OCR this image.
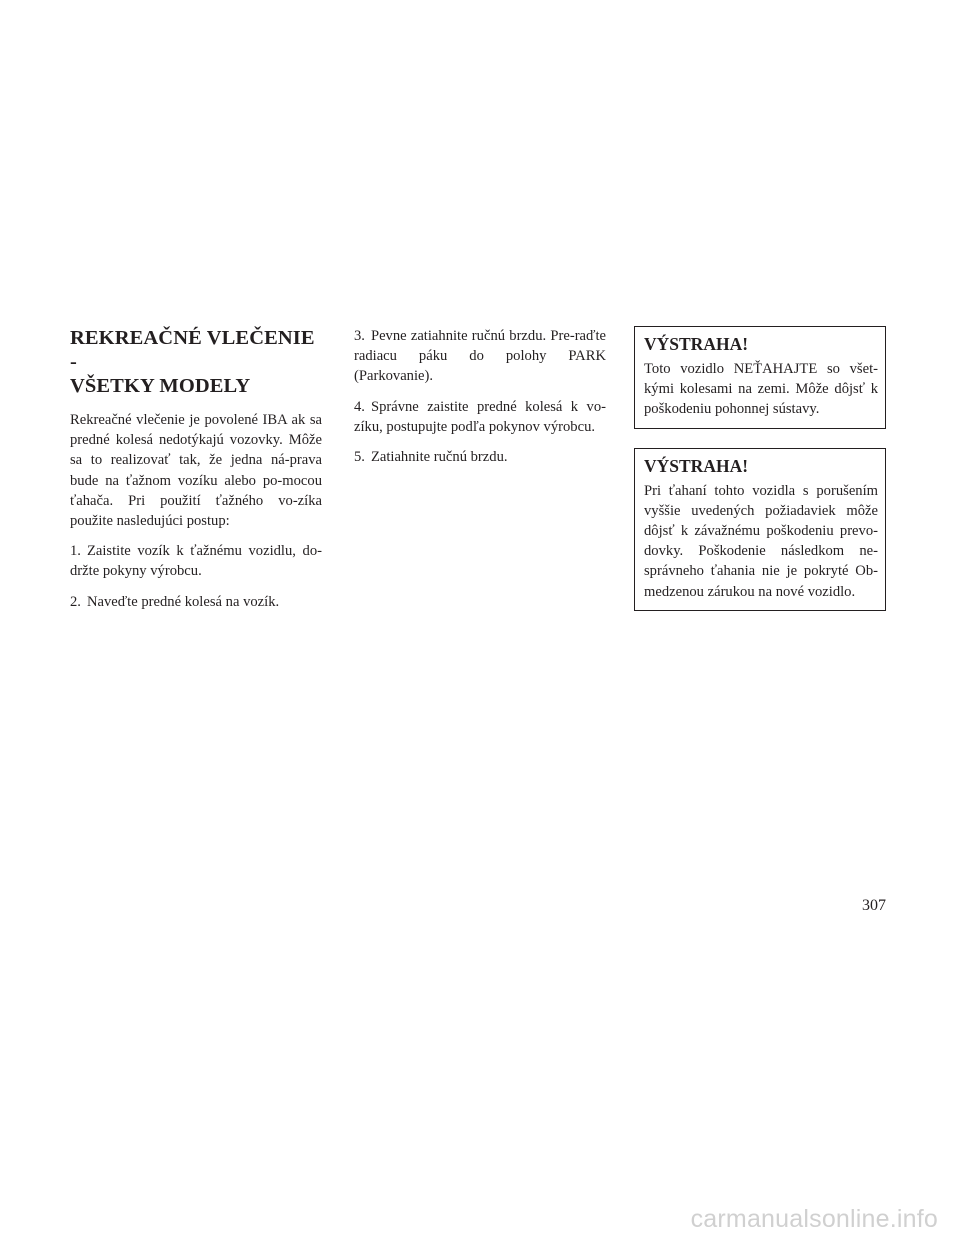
REKREAČNÉ VLEČENIE -
VŠETKY MODELY

Rekreačné vlečenie je povolené IBA ak sa predné kolesá nedotýkajú vozovky. Môže sa to realizovať tak, že jedna ná-prava bude na ťažnom vozíku alebo po-mocou ťahača. Pri použití ťažného vo-zíka použite nasledujúci postup:

1. Zaistite vozík k ťažnému vozidlu, do-držte pokyny výrobcu.
2. Naveďte predné kolesá na vozík.
3. Pevne zatiahnite ručnú brzdu. Pre-raďte radiacu páku do polohy PARK (Parkovanie).
4. Správne zaistite predné kolesá k vo-zíku, postupujte podľa pokynov výrobcu.
5. Zatiahnite ručnú brzdu.
VÝSTRAHA!

Toto vozidlo NEŤAHAJTE so všet-kými kolesami na zemi. Môže dôjsť k poškodeniu pohonnej sústavy.

VÝSTRAHA!

Pri ťahaní tohto vozidla s porušením vyššie uvedených požiadaviek môže dôjsť k závažnému poškodeniu prevo-dovky. Poškodenie následkom ne-správneho ťahania nie je pokryté Ob-medzenou zárukou na nové vozidlo.

307
carmanualsonline.info
